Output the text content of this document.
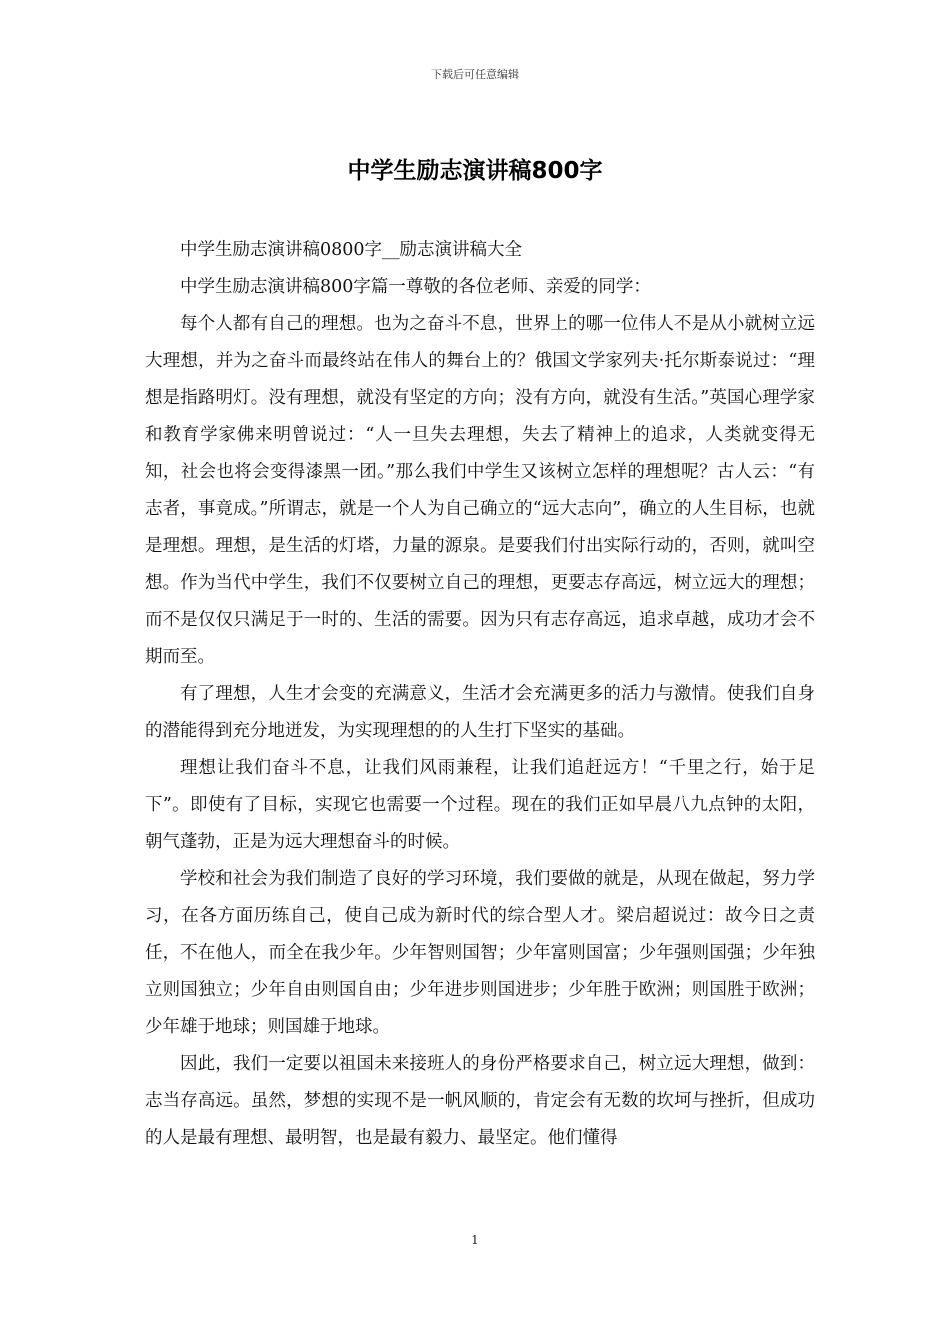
下载后可任意编辑
中学生励志演讲稿800字

中学生励志演讲稿0800字__励志演讲稿大全

中学生励志演讲稿800字篇一尊敬的各位老师、亲爱的同学：

每个人都有自己的理想。也为之奋斗不息，世界上的哪一位伟人不是从小就树立远大理想，并为之奋斗而最终站在伟人的舞台上的？俄国文学家列夫·托尔斯泰说过：“理想是指路明灯。没有理想，就没有坚定的方向；没有方向，就没有生活。”英国心理学家和教育学家佛来明曾说过：“人一旦失去理想，失去了精神上的追求，人类就变得无知，社会也将会变得漆黑一团。”那么我们中学生又该树立怎样的理想呢？古人云：“有志者，事竟成。”所谓志，就是一个人为自己确立的“远大志向”，确立的人生目标，也就是理想。理想，是生活的灯塔，力量的源泉。是要我们付出实际行动的，否则，就叫空想。作为当代中学生，我们不仅要树立自己的理想，更要志存高远，树立远大的理想；而不是仅仅只满足于一时的、生活的需要。因为只有志存高远，追求卓越，成功才会不期而至。

有了理想，人生才会变的充满意义，生活才会充满更多的活力与激情。使我们自身的潜能得到充分地迸发，为实现理想的的人生打下坚实的基础。

理想让我们奋斗不息，让我们风雨兼程，让我们追赶远方！“千里之行，始于足下”。即使有了目标，实现它也需要一个过程。现在的我们正如早晨八九点钟的太阳，朝气蓬勃，正是为远大理想奋斗的时候。

学校和社会为我们制造了良好的学习环境，我们要做的就是，从现在做起，努力学习，在各方面历练自己，使自己成为新时代的综合型人才。梁启超说过：故今日之责任，不在他人，而全在我少年。少年智则国智；少年富则国富；少年强则国强；少年独立则国独立；少年自由则国自由；少年进步则国进步；少年胜于欧洲；则国胜于欧洲；少年雄于地球；则国雄于地球。

因此，我们一定要以祖国未来接班人的身份严格要求自己，树立远大理想，做到：志当存高远。虽然，梦想的实现不是一帆风顺的，肯定会有无数的坎坷与挫折，但成功的人是最有理想、最明智，也是最有毅力、最坚定。他们懂得

1
